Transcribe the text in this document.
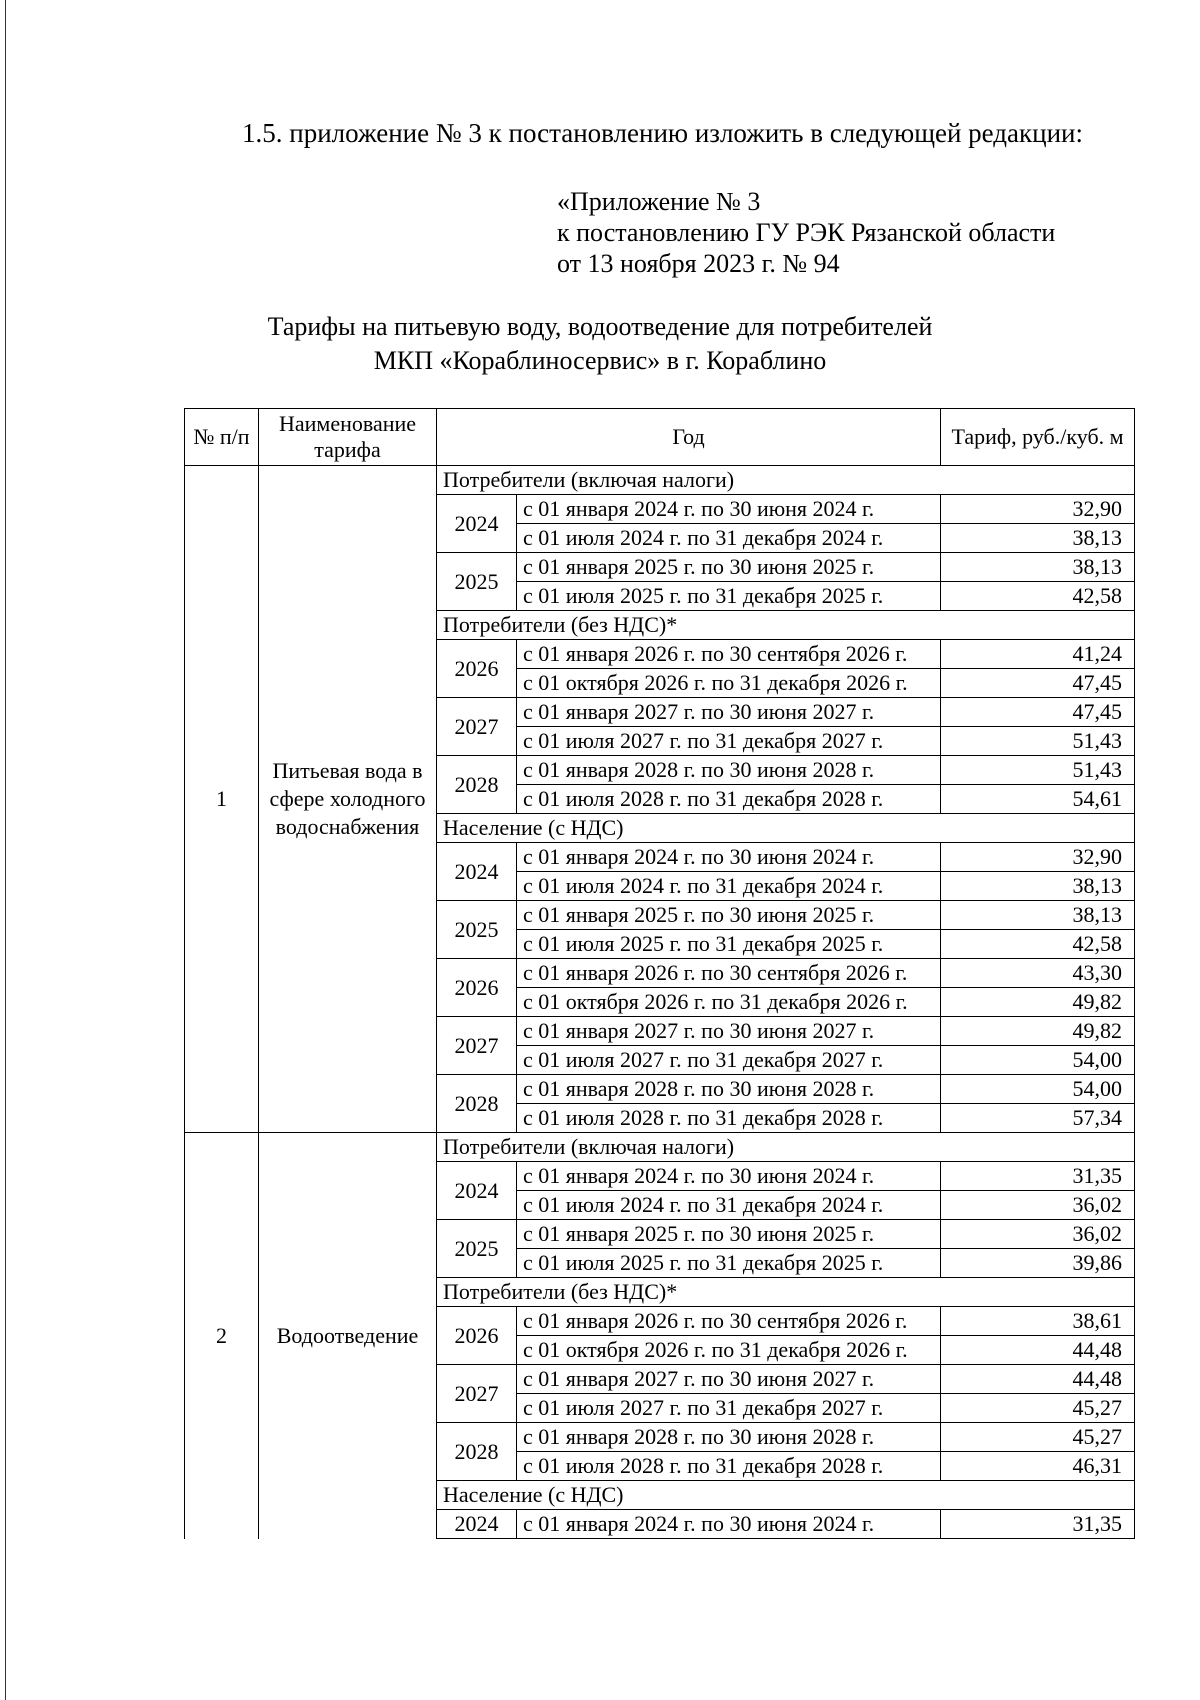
1.5. приложение № 3 к постановлению изложить в следующей редакции:
«Приложение № 3
к постановлению ГУ РЭК Рязанской области
от 13 ноября 2023 г. № 94
Тарифы на питьевую воду, водоотведение для потребителей
МКП «Кораблиносервис» в г. Кораблино
№ п/п	Наименование тарифа	Год		Тариф, руб./куб. м
1	Питьевая вода в сфере холодного водоснабжения	Потребители (включая налоги)		
		2024	с 01 января 2024 г. по 30 июня 2024 г.	32,90
			с 01 июля 2024 г. по 31 декабря 2024 г.	38,13
		2025	с 01 января 2025 г. по 30 июня 2025 г.	38,13
			с 01 июля 2025 г. по 31 декабря 2025 г.	42,58
		Потребители (без НДС)*		
		2026	с 01 января 2026 г. по 30 сентября 2026 г.	41,24
			с 01 октября 2026 г. по 31 декабря 2026 г.	47,45
		2027	с 01 января 2027 г. по 30 июня 2027 г.	47,45
			с 01 июля 2027 г. по 31 декабря 2027 г.	51,43
		2028	с 01 января 2028 г. по 30 июня 2028 г.	51,43
			с 01 июля 2028 г. по 31 декабря 2028 г.	54,61
		Население (с НДС)		
		2024	с 01 января 2024 г. по 30 июня 2024 г.	32,90
			с 01 июля 2024 г. по 31 декабря 2024 г.	38,13
		2025	с 01 января 2025 г. по 30 июня 2025 г.	38,13
			с 01 июля 2025 г. по 31 декабря 2025 г.	42,58
		2026	с 01 января 2026 г. по 30 сентября 2026 г.	43,30
			с 01 октября 2026 г. по 31 декабря 2026 г.	49,82
		2027	с 01 января 2027 г. по 30 июня 2027 г.	49,82
			с 01 июля 2027 г. по 31 декабря 2027 г.	54,00
		2028	с 01 января 2028 г. по 30 июня 2028 г.	54,00
			с 01 июля 2028 г. по 31 декабря 2028 г.	57,34
2	Водоотведение	Потребители (включая налоги)		
		2024	с 01 января 2024 г. по 30 июня 2024 г.	31,35
			с 01 июля 2024 г. по 31 декабря 2024 г.	36,02
		2025	с 01 января 2025 г. по 30 июня 2025 г.	36,02
			с 01 июля 2025 г. по 31 декабря 2025 г.	39,86
		Потребители (без НДС)*		
		2026	с 01 января 2026 г. по 30 сентября 2026 г.	38,61
			с 01 октября 2026 г. по 31 декабря 2026 г.	44,48
		2027	с 01 января 2027 г. по 30 июня 2027 г.	44,48
			с 01 июля 2027 г. по 31 декабря 2027 г.	45,27
		2028	с 01 января 2028 г. по 30 июня 2028 г.	45,27
			с 01 июля 2028 г. по 31 декабря 2028 г.	46,31
		Население (с НДС)		
		2024	с 01 января 2024 г. по 30 июня 2024 г.	31,35
